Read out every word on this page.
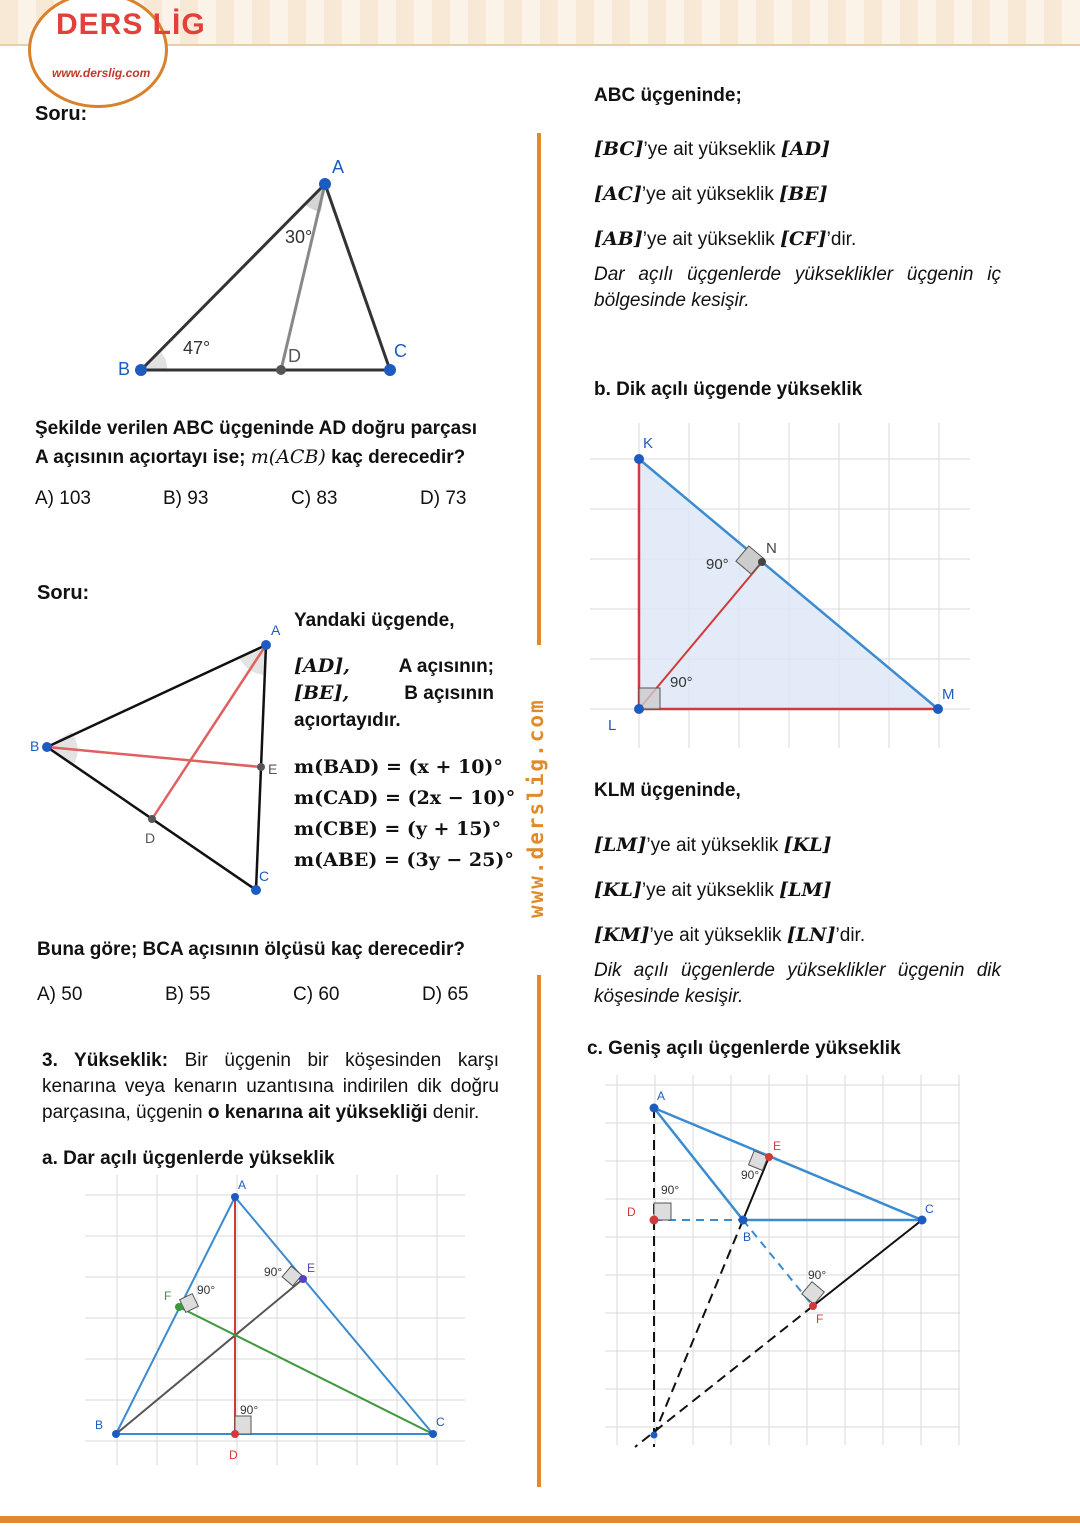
DERS LİG
www.derslig.com
www.derslig.com
Soru:
A
B
C
D
30°
47°
Şekilde verilen ABC üçgeninde AD doğru parçası
A açısının açıortayı ise; m(ACB) kaç derecedir?
A) 103	B) 93	C) 83	D) 73
Soru:
A
B
C
D
E
Yandaki üçgende,
[AD],	A açısının;
[BE],	B açısının
açıortayıdır.
m(BAD) = (x + 10)°
m(CAD) = (2x − 10)°
m(CBE) = (y + 15)°
m(ABE) = (3y − 25)°
Buna göre; BCA açısının ölçüsü kaç derecedir?
A) 50	B) 55	C) 60	D) 65
3. Yükseklik: Bir üçgenin bir köşesinden karşı kenarına veya kenarın uzantısına indirilen dik doğru parçasına, üçgenin o kenarına ait yüksekliği denir.
a. Dar açılı üçgenlerde yükseklik
A
B	C
D
E
F
90°
90°
90°
ABC üçgeninde;
[BC]’ye ait yükseklik [AD]
[AC]’ye ait yükseklik [BE]
[AB]’ye ait yükseklik [CF]’dir.
Dar açılı üçgenlerde yükseklikler üçgenin iç bölgesinde kesişir.
b. Dik açılı üçgende yükseklik
K
L
M
N
90°
90°
KLM üçgeninde,
[LM]’ye ait yükseklik [KL]
[KL]’ye ait yükseklik [LM]
[KM]’ye ait yükseklik [LN]’dir.
Dik açılı üçgenlerde yükseklikler üçgenin dik köşesinde kesişir.
c. Geniş açılı üçgenlerde yükseklik
A
B
C
D
E
F
90°
90°
90°
